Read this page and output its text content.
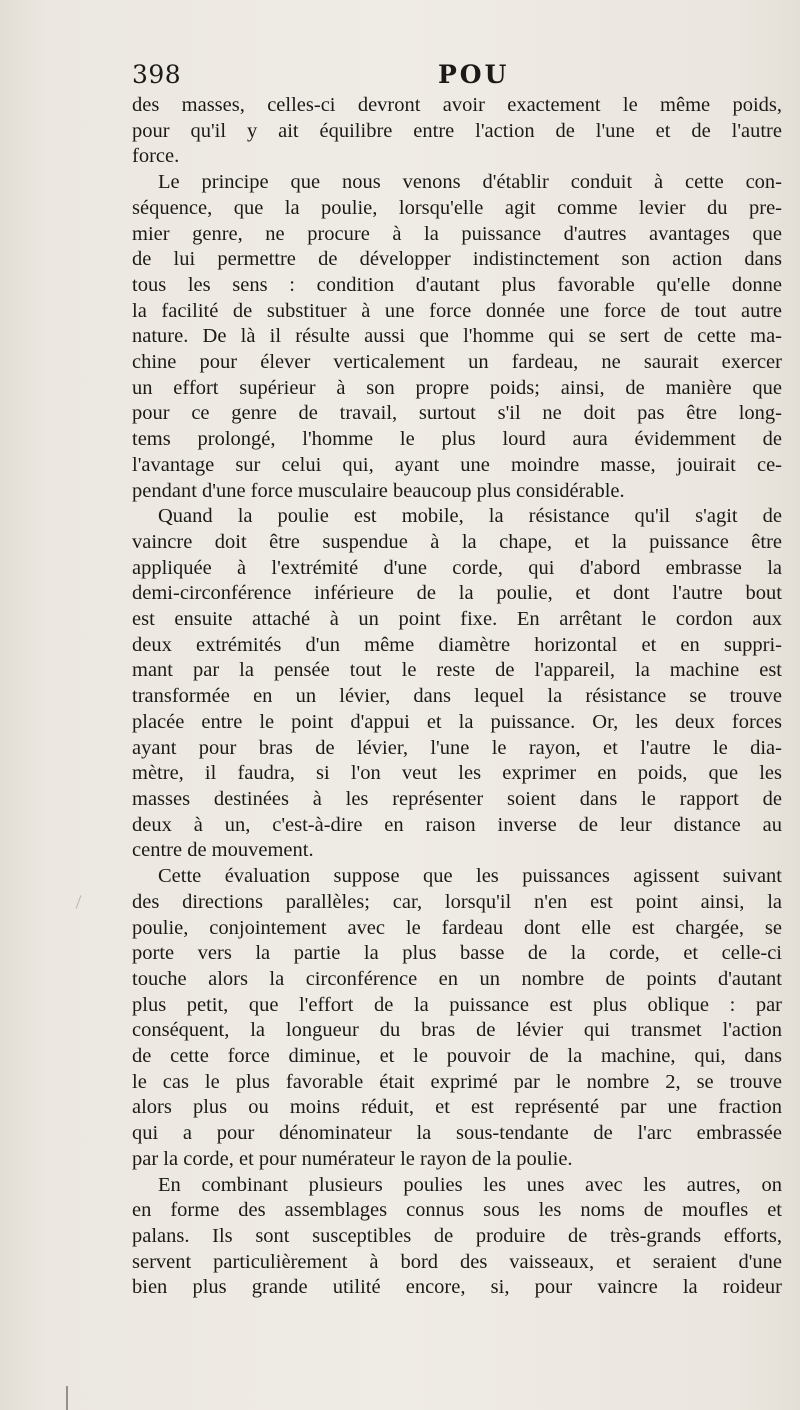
398	POU
des masses, celles-ci devront avoir exactement le même poids,
pour qu'il y ait équilibre entre l'action de l'une et de l'autre
force.
Le principe que nous venons d'établir conduit à cette con-
séquence, que la poulie, lorsqu'elle agit comme levier du pre-
mier genre, ne procure à la puissance d'autres avantages que
de lui permettre de développer indistinctement son action dans
tous les sens : condition d'autant plus favorable qu'elle donne
la facilité de substituer à une force donnée une force de tout autre
nature. De là il résulte aussi que l'homme qui se sert de cette ma-
chine pour élever verticalement un fardeau, ne saurait exercer
un effort supérieur à son propre poids; ainsi, de manière que
pour ce genre de travail, surtout s'il ne doit pas être long-
tems prolongé, l'homme le plus lourd aura évidemment de
l'avantage sur celui qui, ayant une moindre masse, jouirait ce-
pendant d'une force musculaire beaucoup plus considérable.
Quand la poulie est mobile, la résistance qu'il s'agit de
vaincre doit être suspendue à la chape, et la puissance être
appliquée à l'extrémité d'une corde, qui d'abord embrasse la
demi-circonférence inférieure de la poulie, et dont l'autre bout
est ensuite attaché à un point fixe. En arrêtant le cordon aux
deux extrémités d'un même diamètre horizontal et en suppri-
mant par la pensée tout le reste de l'appareil, la machine est
transformée en un lévier, dans lequel la résistance se trouve
placée entre le point d'appui et la puissance. Or, les deux forces
ayant pour bras de lévier, l'une le rayon, et l'autre le dia-
mètre, il faudra, si l'on veut les exprimer en poids, que les
masses destinées à les représenter soient dans le rapport de
deux à un, c'est-à-dire en raison inverse de leur distance au
centre de mouvement.
Cette évaluation suppose que les puissances agissent suivant
des directions parallèles; car, lorsqu'il n'en est point ainsi, la
poulie, conjointement avec le fardeau dont elle est chargée, se
porte vers la partie la plus basse de la corde, et celle-ci
touche alors la circonférence en un nombre de points d'autant
plus petit, que l'effort de la puissance est plus oblique : par
conséquent, la longueur du bras de lévier qui transmet l'action
de cette force diminue, et le pouvoir de la machine, qui, dans
le cas le plus favorable était exprimé par le nombre 2, se trouve
alors plus ou moins réduit, et est représenté par une fraction
qui a pour dénominateur la sous-tendante de l'arc embrassée
par la corde, et pour numérateur le rayon de la poulie.
En combinant plusieurs poulies les unes avec les autres, on
en forme des assemblages connus sous les noms de moufles et
palans. Ils sont susceptibles de produire de très-grands efforts,
servent particulièrement à bord des vaisseaux, et seraient d'une
bien plus grande utilité encore, si, pour vaincre la roideur
